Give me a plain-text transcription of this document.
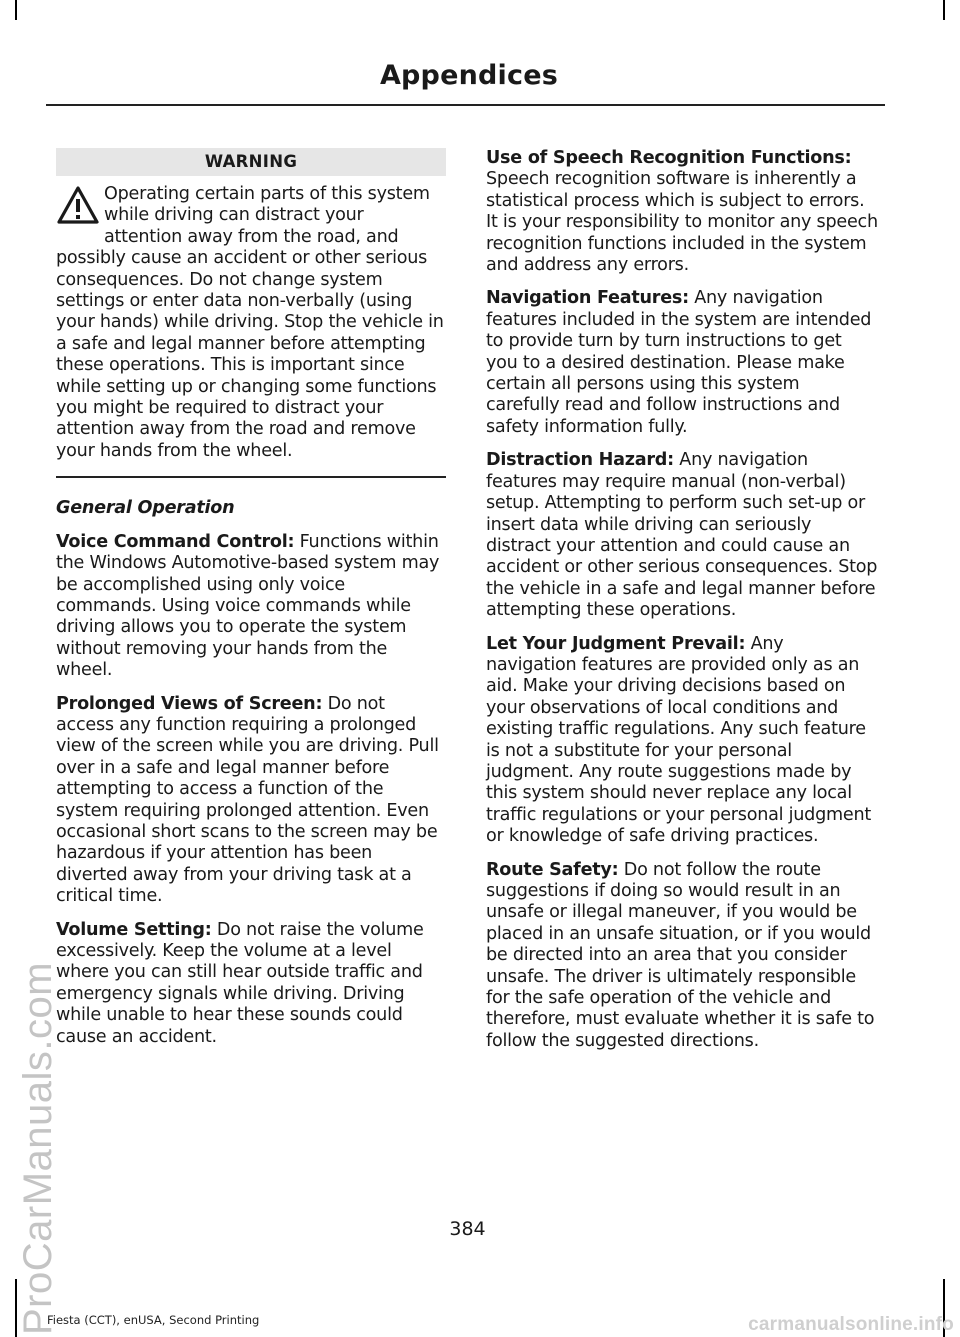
Appendices
WARNING
Operating certain parts of this system while driving can distract your attention away from the road, and possibly cause an accident or other serious consequences. Do not change system settings or enter data non-verbally (using your hands) while driving. Stop the vehicle in a safe and legal manner before attempting these operations. This is important since while setting up or changing some functions you might be required to distract your attention away from the road and remove your hands from the wheel.
General Operation

Voice Command Control: Functions within the Windows Automotive-based system may be accomplished using only voice commands. Using voice commands while driving allows you to operate the system without removing your hands from the wheel.

Prolonged Views of Screen: Do not access any function requiring a prolonged view of the screen while you are driving. Pull over in a safe and legal manner before attempting to access a function of the system requiring prolonged attention. Even occasional short scans to the screen may be hazardous if your attention has been diverted away from your driving task at a critical time.

Volume Setting: Do not raise the volume excessively. Keep the volume at a level where you can still hear outside traffic and emergency signals while driving. Driving while unable to hear these sounds could cause an accident.

Use of Speech Recognition Functions: Speech recognition software is inherently a statistical process which is subject to errors. It is your responsibility to monitor any speech recognition functions included in the system and address any errors.

Navigation Features: Any navigation features included in the system are intended to provide turn by turn instructions to get you to a desired destination. Please make certain all persons using this system carefully read and follow instructions and safety information fully.

Distraction Hazard: Any navigation features may require manual (non-verbal) setup. Attempting to perform such set-up or insert data while driving can seriously distract your attention and could cause an accident or other serious consequences. Stop the vehicle in a safe and legal manner before attempting these operations.

Let Your Judgment Prevail: Any navigation features are provided only as an aid. Make your driving decisions based on your observations of local conditions and existing traffic regulations. Any such feature is not a substitute for your personal judgment. Any route suggestions made by this system should never replace any local traffic regulations or your personal judgment or knowledge of safe driving practices.

Route Safety: Do not follow the route suggestions if doing so would result in an unsafe or illegal maneuver, if you would be placed in an unsafe situation, or if you would be directed into an area that you consider unsafe. The driver is ultimately responsible for the safe operation of the vehicle and therefore, must evaluate whether it is safe to follow the suggested directions.

384
Fiesta (CCT), enUSA, Second Printing
ProCarManuals.com	carmanualsonline.info
